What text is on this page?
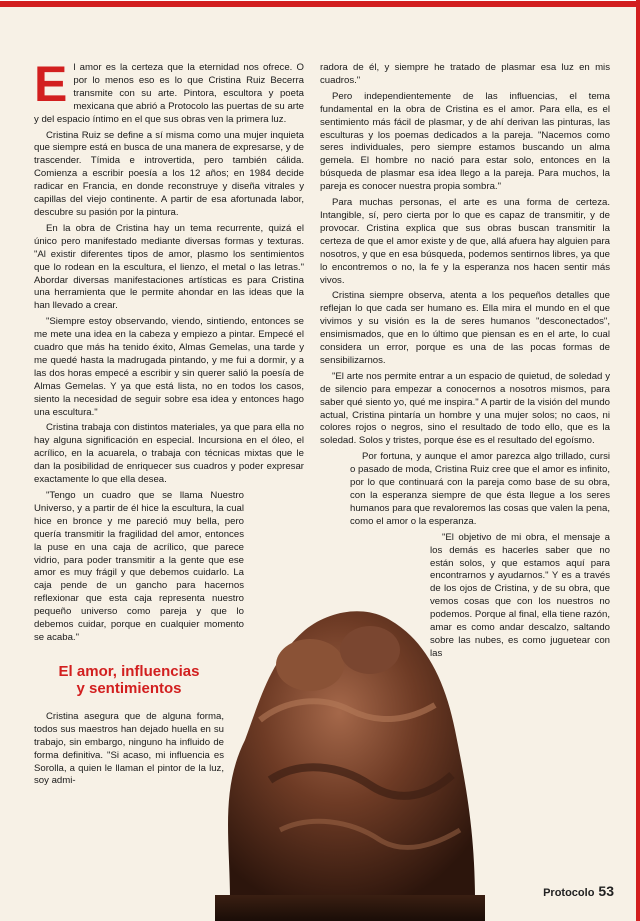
El amor es la certeza que la eternidad nos ofrece. O por lo menos eso es lo que Cristina Ruiz Becerra transmite con su arte. Pintora, escultora y poeta mexicana que abrió a Protocolo las puertas de su arte y del espacio íntimo en el que sus obras ven la primera luz.

Cristina Ruiz se define a sí misma como una mujer inquieta que siempre está en busca de una manera de expresarse, y de trascender. Tímida e introvertida, pero también cálida. Comienza a escribir poesía a los 12 años; en 1984 decide radicar en Francia, en donde reconstruye y diseña vitrales y capillas del viejo continente. A partir de esa afortunada labor, descubre su pasión por la pintura.

En la obra de Cristina hay un tema recurrente, quizá el único pero manifestado mediante diversas formas y texturas. "Al existir diferentes tipos de amor, plasmo los sentimientos que lo rodean en la escultura, el lienzo, el metal o las letras." Abordar diversas manifestaciones artísticas es para Cristina una herramienta que le permite ahondar en las ideas que la han llevado a crear.

"Siempre estoy observando, viendo, sintiendo, entonces se me mete una idea en la cabeza y empiezo a pintar. Empecé el cuadro que más ha tenido éxito, Almas Gemelas, una tarde y me quedé hasta la madrugada pintando, y me fui a dormir, y a las dos horas empecé a escribir y sin querer salió la poesía de Almas Gemelas. Y ya que está lista, no en todos los casos, siento la necesidad de seguir sobre esa idea y entonces hago una escultura."

Cristina trabaja con distintos materiales, ya que para ella no hay alguna significación en especial. Incursiona en el óleo, el acrílico, en la acuarela, o trabaja con técnicas mixtas que le dan la posibilidad de enriquecer sus cuadros y poder expresar exactamente lo que ella desea.

"Tengo un cuadro que se llama Nuestro Universo, y a partir de él hice la escultura, la cual hice en bronce y me pareció muy bella, pero quería transmitir la fragilidad del amor, entonces la puse en una caja de acrílico, que parece vidrio, para poder transmitir a la gente que ese amor es muy frágil y que debemos cuidarlo. La caja pende de un gancho para hacernos reflexionar que esta caja representa nuestro pequeño universo como pareja y que lo debemos cuidar, porque en cualquier momento se acaba."

El amor, influencias y sentimientos

Cristina asegura que de alguna forma, todos sus maestros han dejado huella en su trabajo, sin embargo, ninguno ha influido de forma definitiva. "Si acaso, mi influencia es Sorolla, a quien le llaman el pintor de la luz, soy admi-

radora de él, y siempre he tratado de plasmar esa luz en mis cuadros."

Pero independientemente de las influencias, el tema fundamental en la obra de Cristina es el amor. Para ella, es el sentimiento más fácil de plasmar, y de ahí derivan las pinturas, las esculturas y los poemas dedicados a la pareja. "Nacemos como seres individuales, pero siempre estamos buscando un alma gemela. El hombre no nació para estar solo, entonces en la búsqueda de plasmar esa idea llego a la pareja. Para muchos, la pareja es conocer nuestra propia sombra."

Para muchas personas, el arte es una forma de certeza. Intangible, sí, pero cierta por lo que es capaz de transmitir, y de provocar. Cristina explica que sus obras buscan transmitir la certeza de que el amor existe y de que, allá afuera hay alguien para nosotros, y que en esa búsqueda, podemos sentirnos libres, ya que lo encontremos o no, la fe y la esperanza nos hacen sentir más vivos.

Cristina siempre observa, atenta a los pequeños detalles que reflejan lo que cada ser humano es. Ella mira el mundo en el que vivimos y su visión es la de seres humanos "desconectados", ensimismados, que en lo último que piensan es en el arte, lo cual considera un error, porque es una de las pocas formas de sensibilizarnos.

"El arte nos permite entrar a un espacio de quietud, de soledad y de silencio para empezar a conocernos a nosotros mismos, para saber qué siento yo, qué me inspira." A partir de la visión del mundo actual, Cristina pintaría un hombre y una mujer solos; no caos, ni colores rojos o negros, sino el resultado de todo ello, que es la soledad. Solos y tristes, porque ése es el resultado del egoísmo.

Por fortuna, y aunque el amor parezca algo trillado, cursi o pasado de moda, Cristina Ruiz cree que el amor es infinito, por lo que continuará con la pareja como base de su obra, con la esperanza siempre de que ésta llegue a los seres humanos para que revaloremos las cosas que valen la pena, como el amor o la esperanza.

"El objetivo de mi obra, el mensaje a los demás es hacerles saber que no están solos, y que estamos aquí para encontrarnos y ayudarnos." Y es a través de los ojos de Cristina, y de su obra, que vemos cosas que con los nuestros no podemos. Porque al final, ella tiene razón, amar es como andar descalzo, saltando sobre las nubes, es como juguetear con las

Protocolo 53
